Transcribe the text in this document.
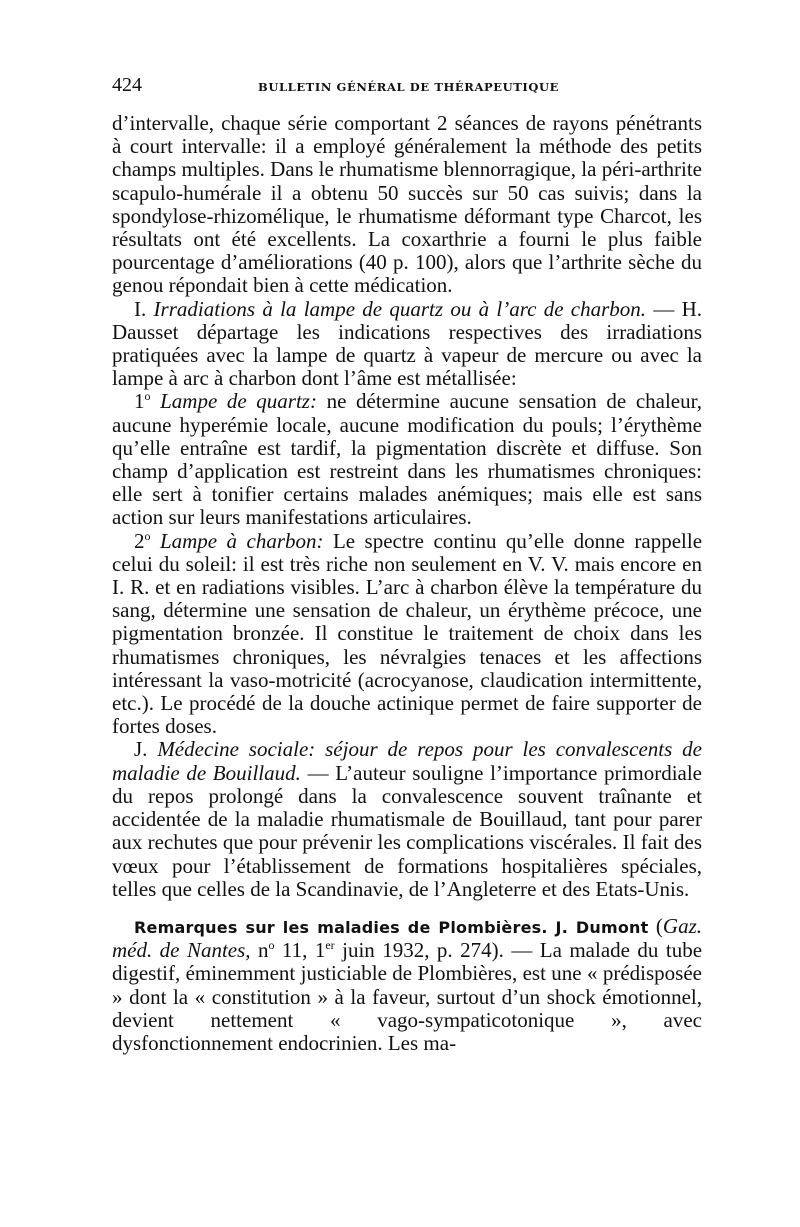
424	BULLETIN GÉNÉRAL DE THÉRAPEUTIQUE

d’intervalle, chaque série comportant 2 séances de rayons pénétrants à court intervalle: il a employé généralement la méthode des petits champs multiples. Dans le rhumatisme blennorragique, la péri-arthrite scapulo-humérale il a obtenu 50 succès sur 50 cas suivis; dans la spondylose-rhizomélique, le rhumatisme déformant type Charcot, les résultats ont été excellents. La coxarthrie a fourni le plus faible pourcentage d’améliorations (40 p. 100), alors que l’arthrite sèche du genou répondait bien à cette médication.

I. Irradiations à la lampe de quartz ou à l’arc de charbon. — H. Dausset départage les indications respectives des irradiations pratiquées avec la lampe de quartz à vapeur de mercure ou avec la lampe à arc à charbon dont l’âme est métallisée:

1$^o$ Lampe de quartz: ne détermine aucune sensation de chaleur, aucune hyperémie locale, aucune modification du pouls; l’érythème qu’elle entraîne est tardif, la pigmentation discrète et diffuse. Son champ d’application est restreint dans les rhumatismes chroniques: elle sert à tonifier certains malades anémiques; mais elle est sans action sur leurs manifestations articulaires.

2$^o$ Lampe à charbon: Le spectre continu qu’elle donne rappelle celui du soleil: il est très riche non seulement en V. V. mais encore en I. R. et en radiations visibles. L’arc à charbon élève la température du sang, détermine une sensation de chaleur, un érythème précoce, une pigmentation bronzée. Il constitue le traitement de choix dans les rhumatismes chroniques, les névralgies tenaces et les affections intéressant la vaso-motricité (acrocyanose, claudication intermittente, etc.). Le procédé de la douche actinique permet de faire supporter de fortes doses.

J. Médecine sociale: séjour de repos pour les convalescents de maladie de Bouillaud. — L’auteur souligne l’importance primordiale du repos prolongé dans la convalescence souvent traînante et accidentée de la maladie rhumatismale de Bouillaud, tant pour parer aux rechutes que pour prévenir les complications viscérales. Il fait des vœux pour l’établissement de formations hospitalières spéciales, telles que celles de la Scandinavie, de l’Angleterre et des Etats-Unis.

Remarques sur les maladies de Plombières. J. Dumont (Gaz. méd. de Nantes, $n^o$ 11, 1er juin 1932, p. 274). — La malade du tube digestif, éminemment justiciable de Plombières, est une « prédisposée » dont la « constitution » à la faveur, surtout d’un shock émotionnel, devient nettement « vago-sympaticotonique », avec dysfonctionnement endocrinien. Les ma-
